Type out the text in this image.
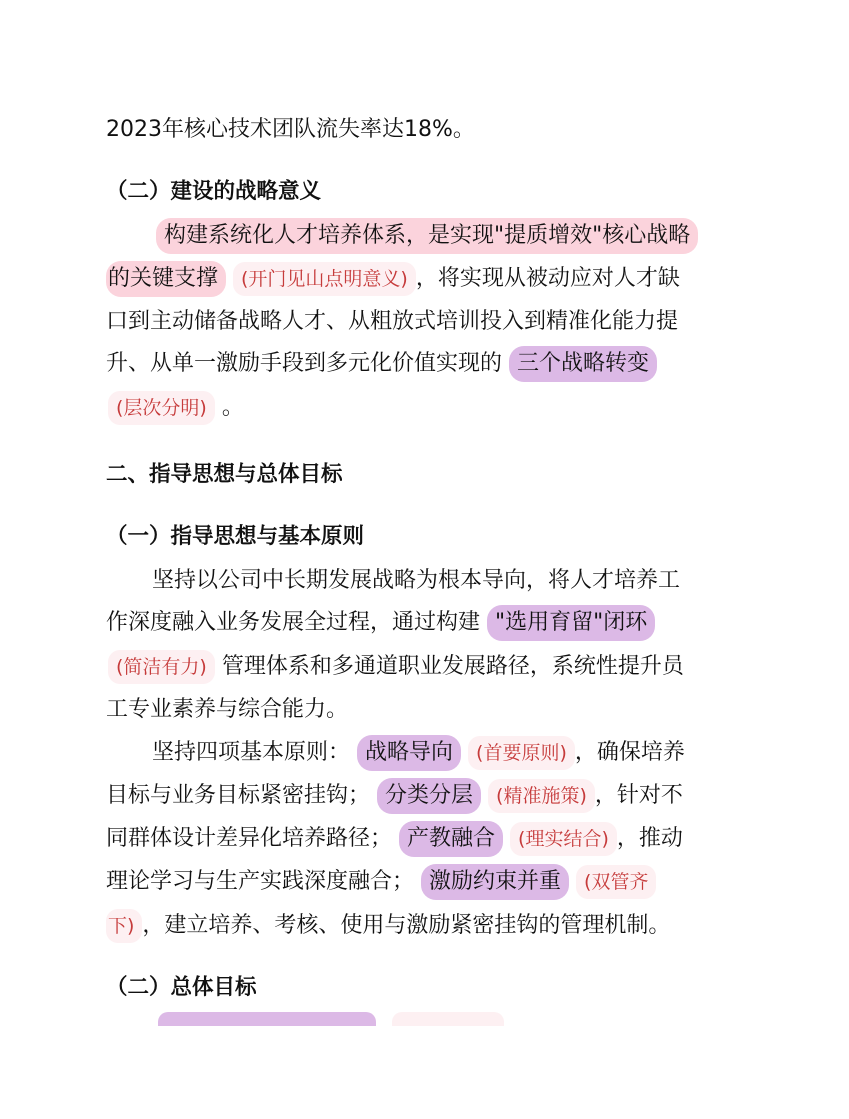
2023年核心技术团队流失率达18%。
（二）建设的战略意义
构建系统化人才培养体系，是实现"提质增效"核心战略
的关键支撑 (开门见山点明意义) ，将实现从被动应对人才缺
口到主动储备战略人才、从粗放式培训投入到精准化能力提
升、从单一激励手段到多元化价值实现的 三个战略转变
(层次分明) 。
二、指导思想与总体目标
（一）指导思想与基本原则
坚持以公司中长期发展战略为根本导向，将人才培养工
作深度融入业务发展全过程，通过构建 "选用育留"闭环
(简洁有力) 管理体系和多通道职业发展路径，系统性提升员
工专业素养与综合能力。
坚持四项基本原则： 战略导向 (首要原则) ，确保培养
目标与业务目标紧密挂钩； 分类分层 (精准施策) ，针对不
同群体设计差异化培养路径； 产教融合 (理实结合) ，推动
理论学习与生产实践深度融合； 激励约束并重 (双管齐
下) ，建立培养、考核、使用与激励紧密挂钩的管理机制。
（二）总体目标
